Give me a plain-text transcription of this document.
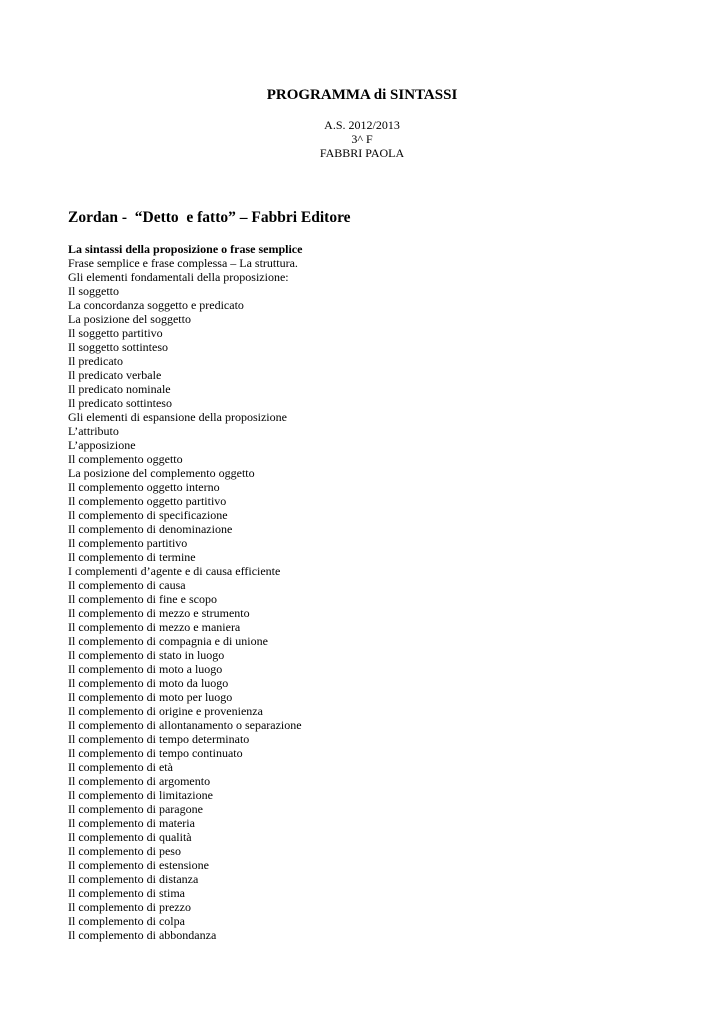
PROGRAMMA di SINTASSI
A.S. 2012/2013
3^ F
FABBRI PAOLA
Zordan -  “Detto  e fatto” – Fabbri Editore
La sintassi della proposizione o frase semplice
Frase semplice e frase complessa – La struttura.
Gli elementi fondamentali della proposizione:
Il soggetto
La concordanza soggetto e predicato
La posizione del soggetto
Il soggetto partitivo
Il soggetto sottinteso
Il predicato
Il predicato verbale
Il predicato nominale
Il predicato sottinteso
Gli elementi di espansione della proposizione
L’attributo
L’apposizione
Il complemento oggetto
La posizione del complemento oggetto
Il complemento oggetto interno
Il complemento oggetto partitivo
Il complemento di specificazione
Il complemento di denominazione
Il complemento partitivo
Il complemento di termine
I complementi d’agente e di causa efficiente
Il complemento di causa
Il complemento di fine e scopo
Il complemento di mezzo e strumento
Il complemento di mezzo e maniera
Il complemento di compagnia e di unione
Il complemento di stato in luogo
Il complemento di moto a luogo
Il complemento di moto da luogo
Il complemento di moto per luogo
Il complemento di origine e provenienza
Il complemento di allontanamento o separazione
Il complemento di tempo determinato
Il complemento di tempo continuato
Il complemento di età
Il complemento di argomento
Il complemento di limitazione
Il complemento di paragone
Il complemento di materia
Il complemento di qualità
Il complemento di peso
Il complemento di estensione
Il complemento di distanza
Il complemento di stima
Il complemento di prezzo
Il complemento di colpa
Il complemento di abbondanza
